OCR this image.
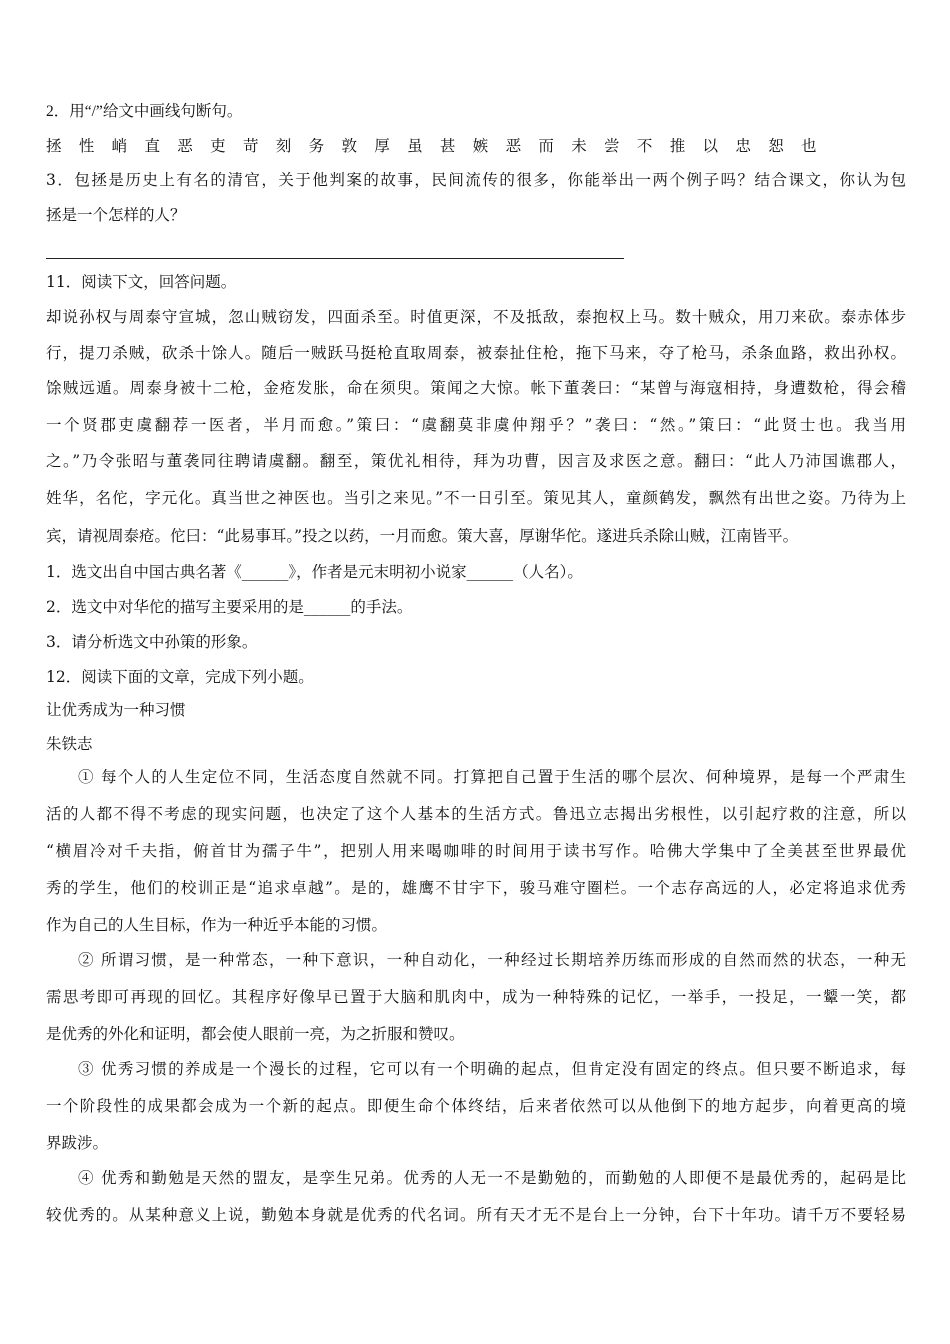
2．用“/”给文中画线句断句。
拯 性 峭 直 恶 吏 苛 刻 务 敦 厚 虽 甚 嫉 恶 而 未 尝 不 推 以 忠 恕 也
3．包拯是历史上有名的清官，关于他判案的故事，民间流传的很多，你能举出一两个例子吗？结合课文，你认为包
拯是一个怎样的人？
11．阅读下文，回答问题。
却说孙权与周泰守宣城，忽山贼窃发，四面杀至。时值更深，不及抵敌，泰抱权上马。数十贼众，用刀来砍。泰赤体步
行，提刀杀贼，砍杀十馀人。随后一贼跃马挺枪直取周泰，被泰扯住枪，拖下马来，夺了枪马，杀条血路，救出孙权。
馀贼远遁。周泰身被十二枪，金疮发胀，命在须臾。策闻之大惊。帐下董袭曰：“某曾与海寇相持，身遭数枪，得会稽
一个贤郡吏虞翻荐一医者，半月而愈。”策曰：“虞翻莫非虞仲翔乎？”袭曰：“然。”策曰：“此贤士也。我当用
之。”乃令张昭与董袭同往聘请虞翻。翻至，策优礼相待，拜为功曹，因言及求医之意。翻曰：“此人乃沛国谯郡人，
姓华，名佗，字元化。真当世之神医也。当引之来见。”不一日引至。策见其人，童颜鹤发，飘然有出世之姿。乃待为上
宾，请视周泰疮。佗曰：“此易事耳。”投之以药，一月而愈。策大喜，厚谢华佗。遂进兵杀除山贼，江南皆平。
1．选文出自中国古典名著《______》，作者是元末明初小说家______（人名）。
2．选文中对华佗的描写主要采用的是______的手法。
3．请分析选文中孙策的形象。
12．阅读下面的文章，完成下列小题。
让优秀成为一种习惯
朱铁志
① 每个人的人生定位不同，生活态度自然就不同。打算把自己置于生活的哪个层次、何种境界，是每一个严肃生
活的人都不得不考虑的现实问题，也决定了这个人基本的生活方式。鲁迅立志揭出劣根性，以引起疗救的注意，所以
“横眉冷对千夫指，俯首甘为孺子牛”，把别人用来喝咖啡的时间用于读书写作。哈佛大学集中了全美甚至世界最优
秀的学生，他们的校训正是“追求卓越”。是的，雄鹰不甘宇下，骏马难守圈栏。一个志存高远的人，必定将追求优秀
作为自己的人生目标，作为一种近乎本能的习惯。
② 所谓习惯，是一种常态，一种下意识，一种自动化，一种经过长期培养历练而形成的自然而然的状态，一种无
需思考即可再现的回忆。其程序好像早已置于大脑和肌肉中，成为一种特殊的记忆，一举手，一投足，一颦一笑，都
是优秀的外化和证明，都会使人眼前一亮，为之折服和赞叹。
③ 优秀习惯的养成是一个漫长的过程，它可以有一个明确的起点，但肯定没有固定的终点。但只要不断追求，每
一个阶段性的成果都会成为一个新的起点。即便生命个体终结，后来者依然可以从他倒下的地方起步，向着更高的境
界跋涉。
④ 优秀和勤勉是天然的盟友，是孪生兄弟。优秀的人无一不是勤勉的，而勤勉的人即便不是最优秀的，起码是比
较优秀的。从某种意义上说，勤勉本身就是优秀的代名词。所有天才无不是台上一分钟，台下十年功。请千万不要轻易
